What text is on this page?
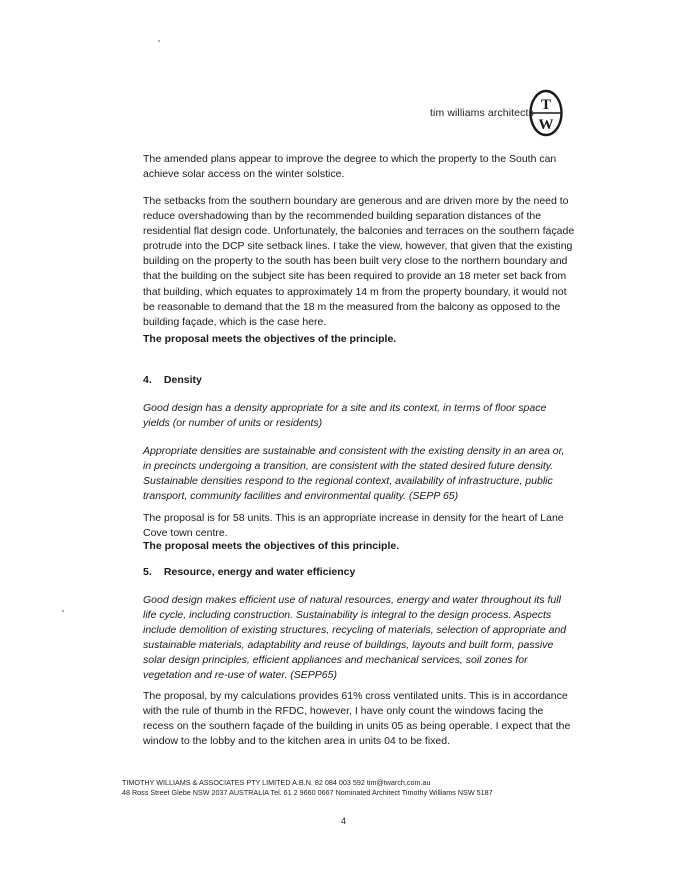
tim williams architects T
W

The amended plans appear to improve the degree to which the property to the South can achieve solar access on the winter solstice.

The setbacks from the southern boundary are generous and are driven more by the need to reduce overshadowing than by the recommended building separation distances of the residential flat design code. Unfortunately, the balconies and terraces on the southern façade protrude into the DCP site setback lines. I take the view, however, that given that the existing building on the property to the south has been built very close to the northern boundary and that the building on the subject site has been required to provide an 18 meter set back from that building, which equates to approximately 14 m from the property boundary, it would not be reasonable to demand that the 18 m the measured from the balcony as opposed to the building façade, which is the case here.

The proposal meets the objectives of the principle.

4. Density

Good design has a density appropriate for a site and its context, in terms of floor space yields (or number of units or residents)

Appropriate densities are sustainable and consistent with the existing density in an area or, in precincts undergoing a transition, are consistent with the stated desired future density. Sustainable densities respond to the regional context, availability of infrastructure, public transport, community facilities and environmental quality. (SEPP 65)

The proposal is for 58 units. This is an appropriate increase in density for the heart of Lane Cove town centre.

The proposal meets the objectives of this principle.

5. Resource, energy and water efficiency

Good design makes efficient use of natural resources, energy and water throughout its full life cycle, including construction. Sustainability is integral to the design process. Aspects include demolition of existing structures, recycling of materials, selection of appropriate and sustainable materials, adaptability and reuse of buildings, layouts and built form, passive solar design principles, efficient appliances and mechanical services, soil zones for vegetation and re-use of water. (SEPP65)

The proposal, by my calculations provides 61% cross ventilated units. This is in accordance with the rule of thumb in the RFDC, however, I have only count the windows facing the recess on the southern façade of the building in units 05 as being operable. I expect that the window to the lobby and to the kitchen area in units 04 to be fixed.

TIMOTHY WILLIAMS & ASSOCIATES PTY LIMITED A.B.N. 82 084 003 592 tim@twarch.com.au
48 Ross Street Glebe NSW 2037 AUSTRALIA Tel. 61 2 9660 0667 Nominated Architect Timothy Williams NSW 5187
4
